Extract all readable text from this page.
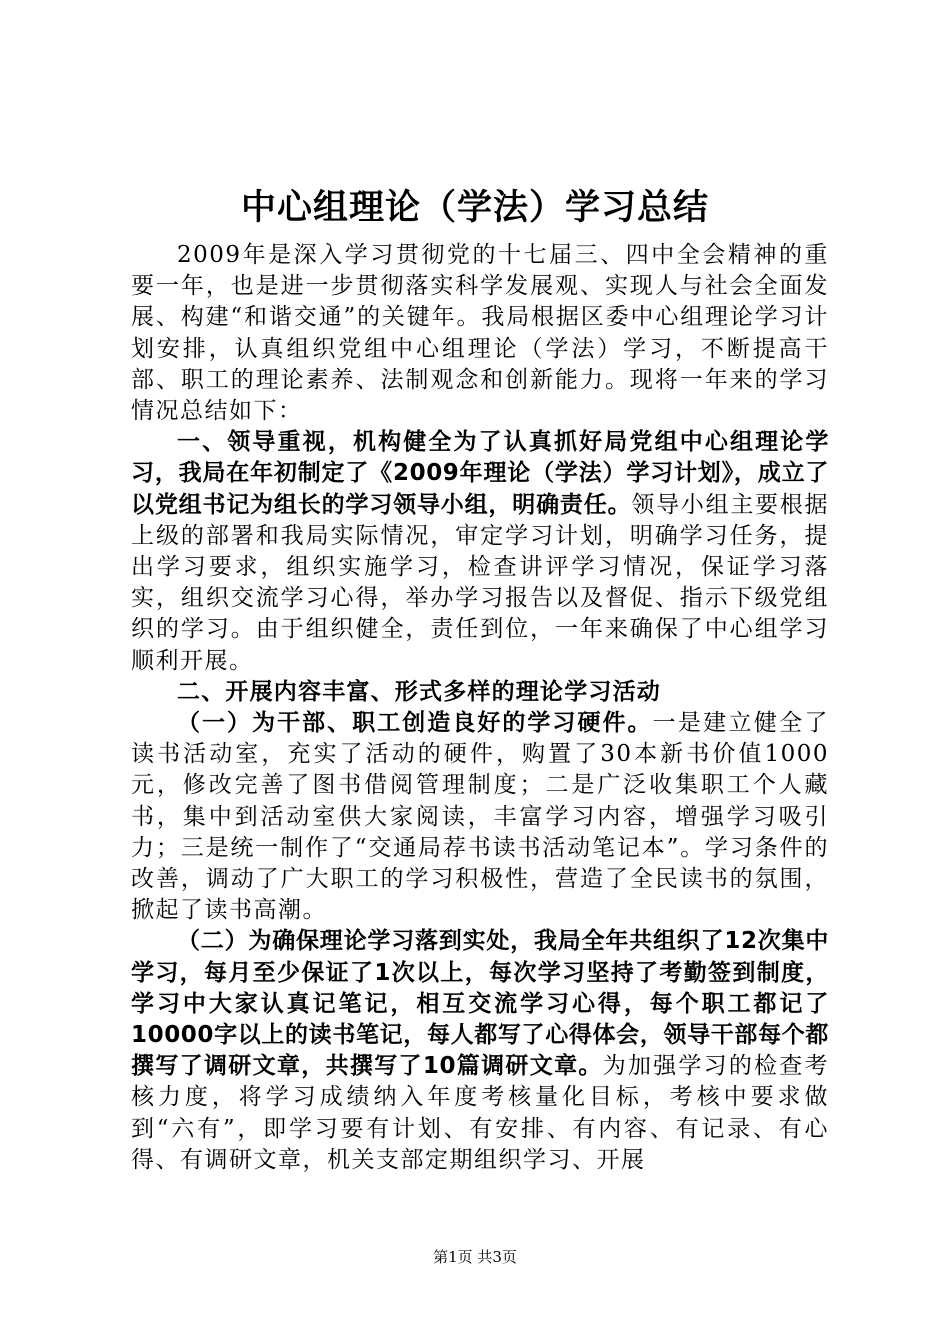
中心组理论（学法）学习总结

2009年是深入学习贯彻党的十七届三、四中全会精神的重要一年，也是进一步贯彻落实科学发展观、实现人与社会全面发展、构建“和谐交通”的关键年。我局根据区委中心组理论学习计划安排，认真组织党组中心组理论（学法）学习，不断提高干部、职工的理论素养、法制观念和创新能力。现将一年来的学习情况总结如下：

一、领导重视，机构健全为了认真抓好局党组中心组理论学习，我局在年初制定了《2009年理论（学法）学习计划》，成立了以党组书记为组长的学习领导小组，明确责任。领导小组主要根据上级的部署和我局实际情况，审定学习计划，明确学习任务，提出学习要求，组织实施学习，检查讲评学习情况，保证学习落实，组织交流学习心得，举办学习报告以及督促、指示下级党组织的学习。由于组织健全，责任到位，一年来确保了中心组学习顺利开展。

二、开展内容丰富、形式多样的理论学习活动

（一）为干部、职工创造良好的学习硬件。一是建立健全了读书活动室，充实了活动的硬件，购置了30本新书价值1000元，修改完善了图书借阅管理制度；二是广泛收集职工个人藏书，集中到活动室供大家阅读，丰富学习内容，增强学习吸引力；三是统一制作了“交通局荐书读书活动笔记本”。学习条件的改善，调动了广大职工的学习积极性，营造了全民读书的氛围，掀起了读书高潮。

（二）为确保理论学习落到实处，我局全年共组织了12次集中学习，每月至少保证了1次以上，每次学习坚持了考勤签到制度，学习中大家认真记笔记，相互交流学习心得，每个职工都记了10000字以上的读书笔记，每人都写了心得体会，领导干部每个都撰写了调研文章，共撰写了10篇调研文章。为加强学习的检查考核力度，将学习成绩纳入年度考核量化目标，考核中要求做到“六有”，即学习要有计划、有安排、有内容、有记录、有心得、有调研文章，机关支部定期组织学习、开展

第1页 共3页
